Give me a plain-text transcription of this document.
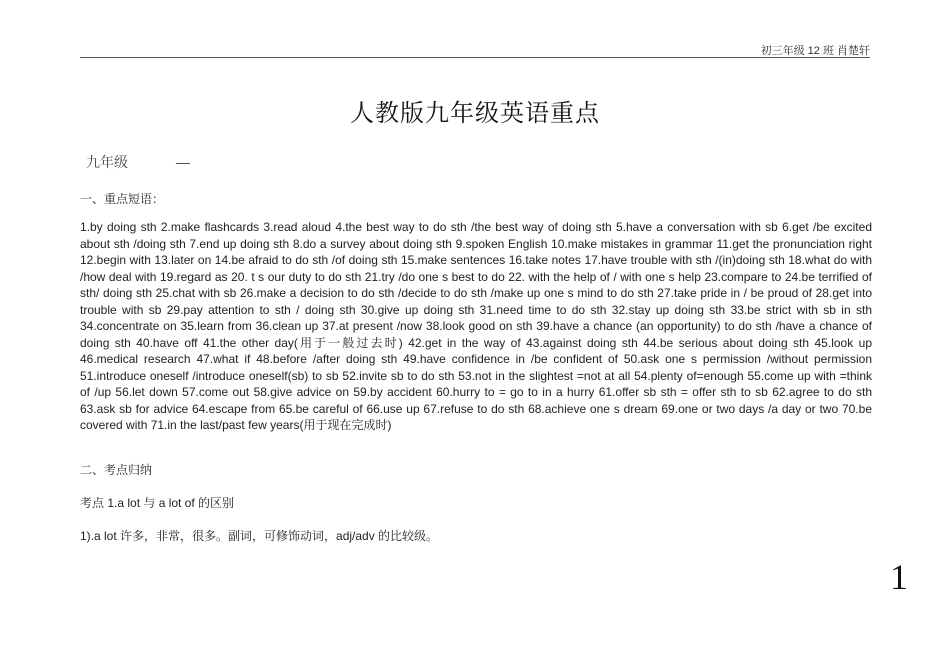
初三年级 12 班 肖楚轩
人教版九年级英语重点
九年级	—
一、重点短语：
1.by doing sth 2.make flashcards 3.read aloud 4.the best way to do sth /the best way of doing sth 5.have a conversation with sb 6.get /be excited about sth /doing sth 7.end up doing sth 8.do a survey about doing sth 9.spoken English 10.make mistakes in grammar 11.get the pronunciation right 12.begin with 13.later on 14.be afraid to do sth /of doing sth 15.make sentences 16.take notes 17.have trouble with sth /(in)doing sth 18.what do with /how deal with 19.regard as 20. t s our duty to do sth 21.try /do one s best to do 22. with the help of / with one s help 23.compare to 24.be terrified of sth/ doing sth 25.chat with sb 26.make a decision to do sth /decide to do sth /make up one s mind to do sth 27.take pride in / be proud of 28.get into trouble with sb 29.pay attention to sth / doing sth 30.give up doing sth 31.need time to do sth 32.stay up doing sth 33.be strict with sb in sth 34.concentrate on 35.learn from 36.clean up 37.at present /now 38.look good on sth 39.have a chance (an opportunity) to do sth /have a chance of doing sth 40.have off 41.the other day(用于一般过去时) 42.get in the way of 43.against doing sth 44.be serious about doing sth 45.look up 46.medical research 47.what if 48.before /after doing sth 49.have confidence in /be confident of 50.ask one s permission /without permission 51.introduce oneself /introduce oneself(sb) to sb 52.invite sb to do sth 53.not in the slightest =not at all 54.plenty of=enough 55.come up with =think of /up 56.let down 57.come out 58.give advice on 59.by accident 60.hurry to = go to in a hurry 61.offer sb sth = offer sth to sb 62.agree to do sth 63.ask sb for advice 64.escape from 65.be careful of 66.use up 67.refuse to do sth 68.achieve one s dream 69.one or two days /a day or two 70.be covered with 71.in the last/past few years(用于现在完成时)
二、考点归纳
考点 1.a lot 与 a lot of 的区别
1).a lot 许多，非常，很多。副词，可修饰动词，adj/adv 的比较级。
1
